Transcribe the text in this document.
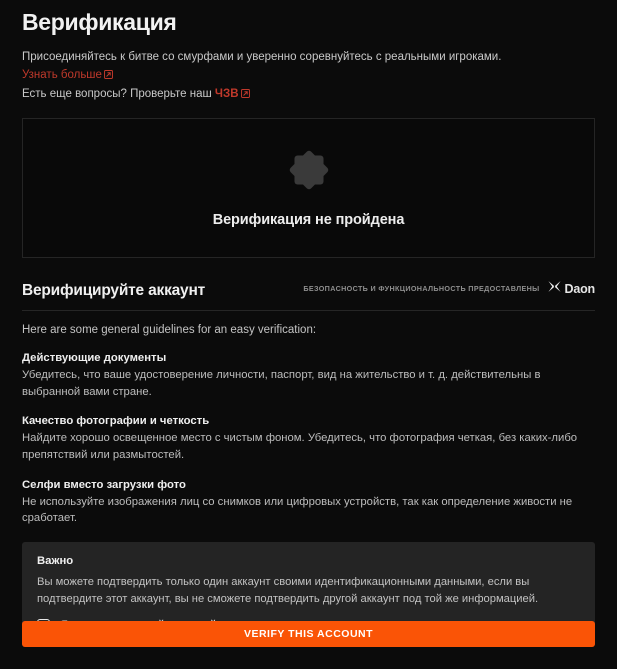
Верификация
Присоединяйтесь к битве со смурфами и уверенно соревнуйтесь с реальными игроками. Узнать больше
Есть еще вопросы? Проверьте наш ЧЗВ
Верификация не пройдена
Верифицируйте аккаунт	БЕЗОПАСНОСТЬ И ФУНКЦИОНАЛЬНОСТЬ ПРЕДОСТАВЛЕНЫ Daon
Here are some general guidelines for an easy verification:
Действующие документы
Убедитесь, что ваше удостоверение личности, паспорт, вид на жительство и т. д. действительны в выбранной вами стране.
Качество фотографии и четкость
Найдите хорошо освещенное место с чистым фоном. Убедитесь, что фотография четкая, без каких-либо препятствий или размытостей.
Селфи вместо загрузки фото
Не используйте изображения лиц со снимков или цифровых устройств, так как определение живости не сработает.
Важно
Вы можете подтвердить только один аккаунт своими идентификационными данными, если вы подтвердите этот аккаунт, вы не сможете подтвердить другой аккаунт под той же информацией.
VERIFY THIS ACCOUNT
